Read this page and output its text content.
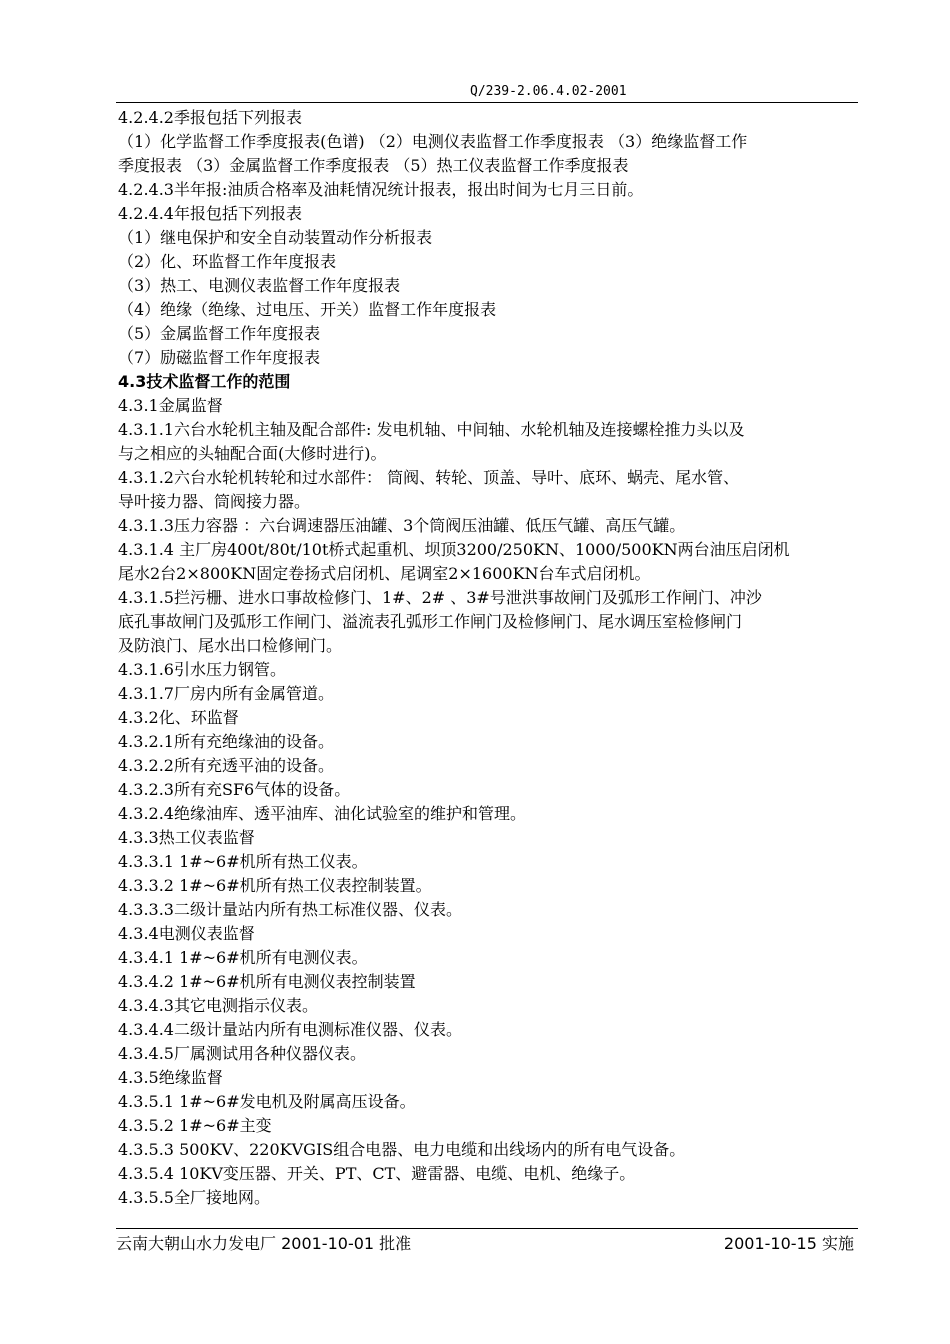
Q/239-2.06.4.02-2001
4.2.4.2季报包括下列报表
（1）化学监督工作季度报表(色谱) （2）电测仪表监督工作季度报表 （3）绝缘监督工作
季度报表 （3）金属监督工作季度报表 （5）热工仪表监督工作季度报表
4.2.4.3半年报:油质合格率及油耗情况统计报表，报出时间为七月三日前。
4.2.4.4年报包括下列报表
（1）继电保护和安全自动装置动作分析报表
（2）化、环监督工作年度报表
（3）热工、电测仪表监督工作年度报表
（4）绝缘（绝缘、过电压、开关）监督工作年度报表
（5）金属监督工作年度报表
（7）励磁监督工作年度报表
4.3技术监督工作的范围
4.3.1金属监督
4.3.1.1六台水轮机主轴及配合部件: 发电机轴、中间轴、水轮机轴及连接螺栓推力头以及
与之相应的头轴配合面(大修时进行)。
4.3.1.2六台水轮机转轮和过水部件： 筒阀、转轮、顶盖、导叶、底环、蜗壳、尾水管、
导叶接力器、筒阀接力器。
4.3.1.3压力容器 ：六台调速器压油罐、3个筒阀压油罐、低压气罐、高压气罐。
4.3.1.4 主厂房400t/80t/10t桥式起重机、坝顶3200/250KN、1000/500KN两台油压启闭机
尾水2台2×800KN固定卷扬式启闭机、尾调室2×1600KN台车式启闭机。
4.3.1.5拦污栅、进水口事故检修门、1#、2# 、3#号泄洪事故闸门及弧形工作闸门、冲沙
底孔事故闸门及弧形工作闸门、溢流表孔弧形工作闸门及检修闸门、尾水调压室检修闸门
及防浪门、尾水出口检修闸门。
4.3.1.6引水压力钢管。
4.3.1.7厂房内所有金属管道。
4.3.2化、环监督
4.3.2.1所有充绝缘油的设备。
4.3.2.2所有充透平油的设备。
4.3.2.3所有充SF6气体的设备。
4.3.2.4绝缘油库、透平油库、油化试验室的维护和管理。
4.3.3热工仪表监督
4.3.3.1 1#~6#机所有热工仪表。
4.3.3.2 1#~6#机所有热工仪表控制装置。
4.3.3.3二级计量站内所有热工标准仪器、仪表。
4.3.4电测仪表监督
4.3.4.1 1#~6#机所有电测仪表。
4.3.4.2 1#~6#机所有电测仪表控制装置
4.3.4.3其它电测指示仪表。
4.3.4.4二级计量站内所有电测标准仪器、仪表。
4.3.4.5厂属测试用各种仪器仪表。
4.3.5绝缘监督
4.3.5.1 1#~6#发电机及附属高压设备。
4.3.5.2 1#~6#主变
4.3.5.3 500KV、220KVGIS组合电器、电力电缆和出线场内的所有电气设备。
4.3.5.4 10KV变压器、开关、PT、CT、避雷器、电缆、电机、绝缘子。
4.3.5.5全厂接地网。
云南大朝山水力发电厂 2001-10-01 批准	2001-10-15 实施
